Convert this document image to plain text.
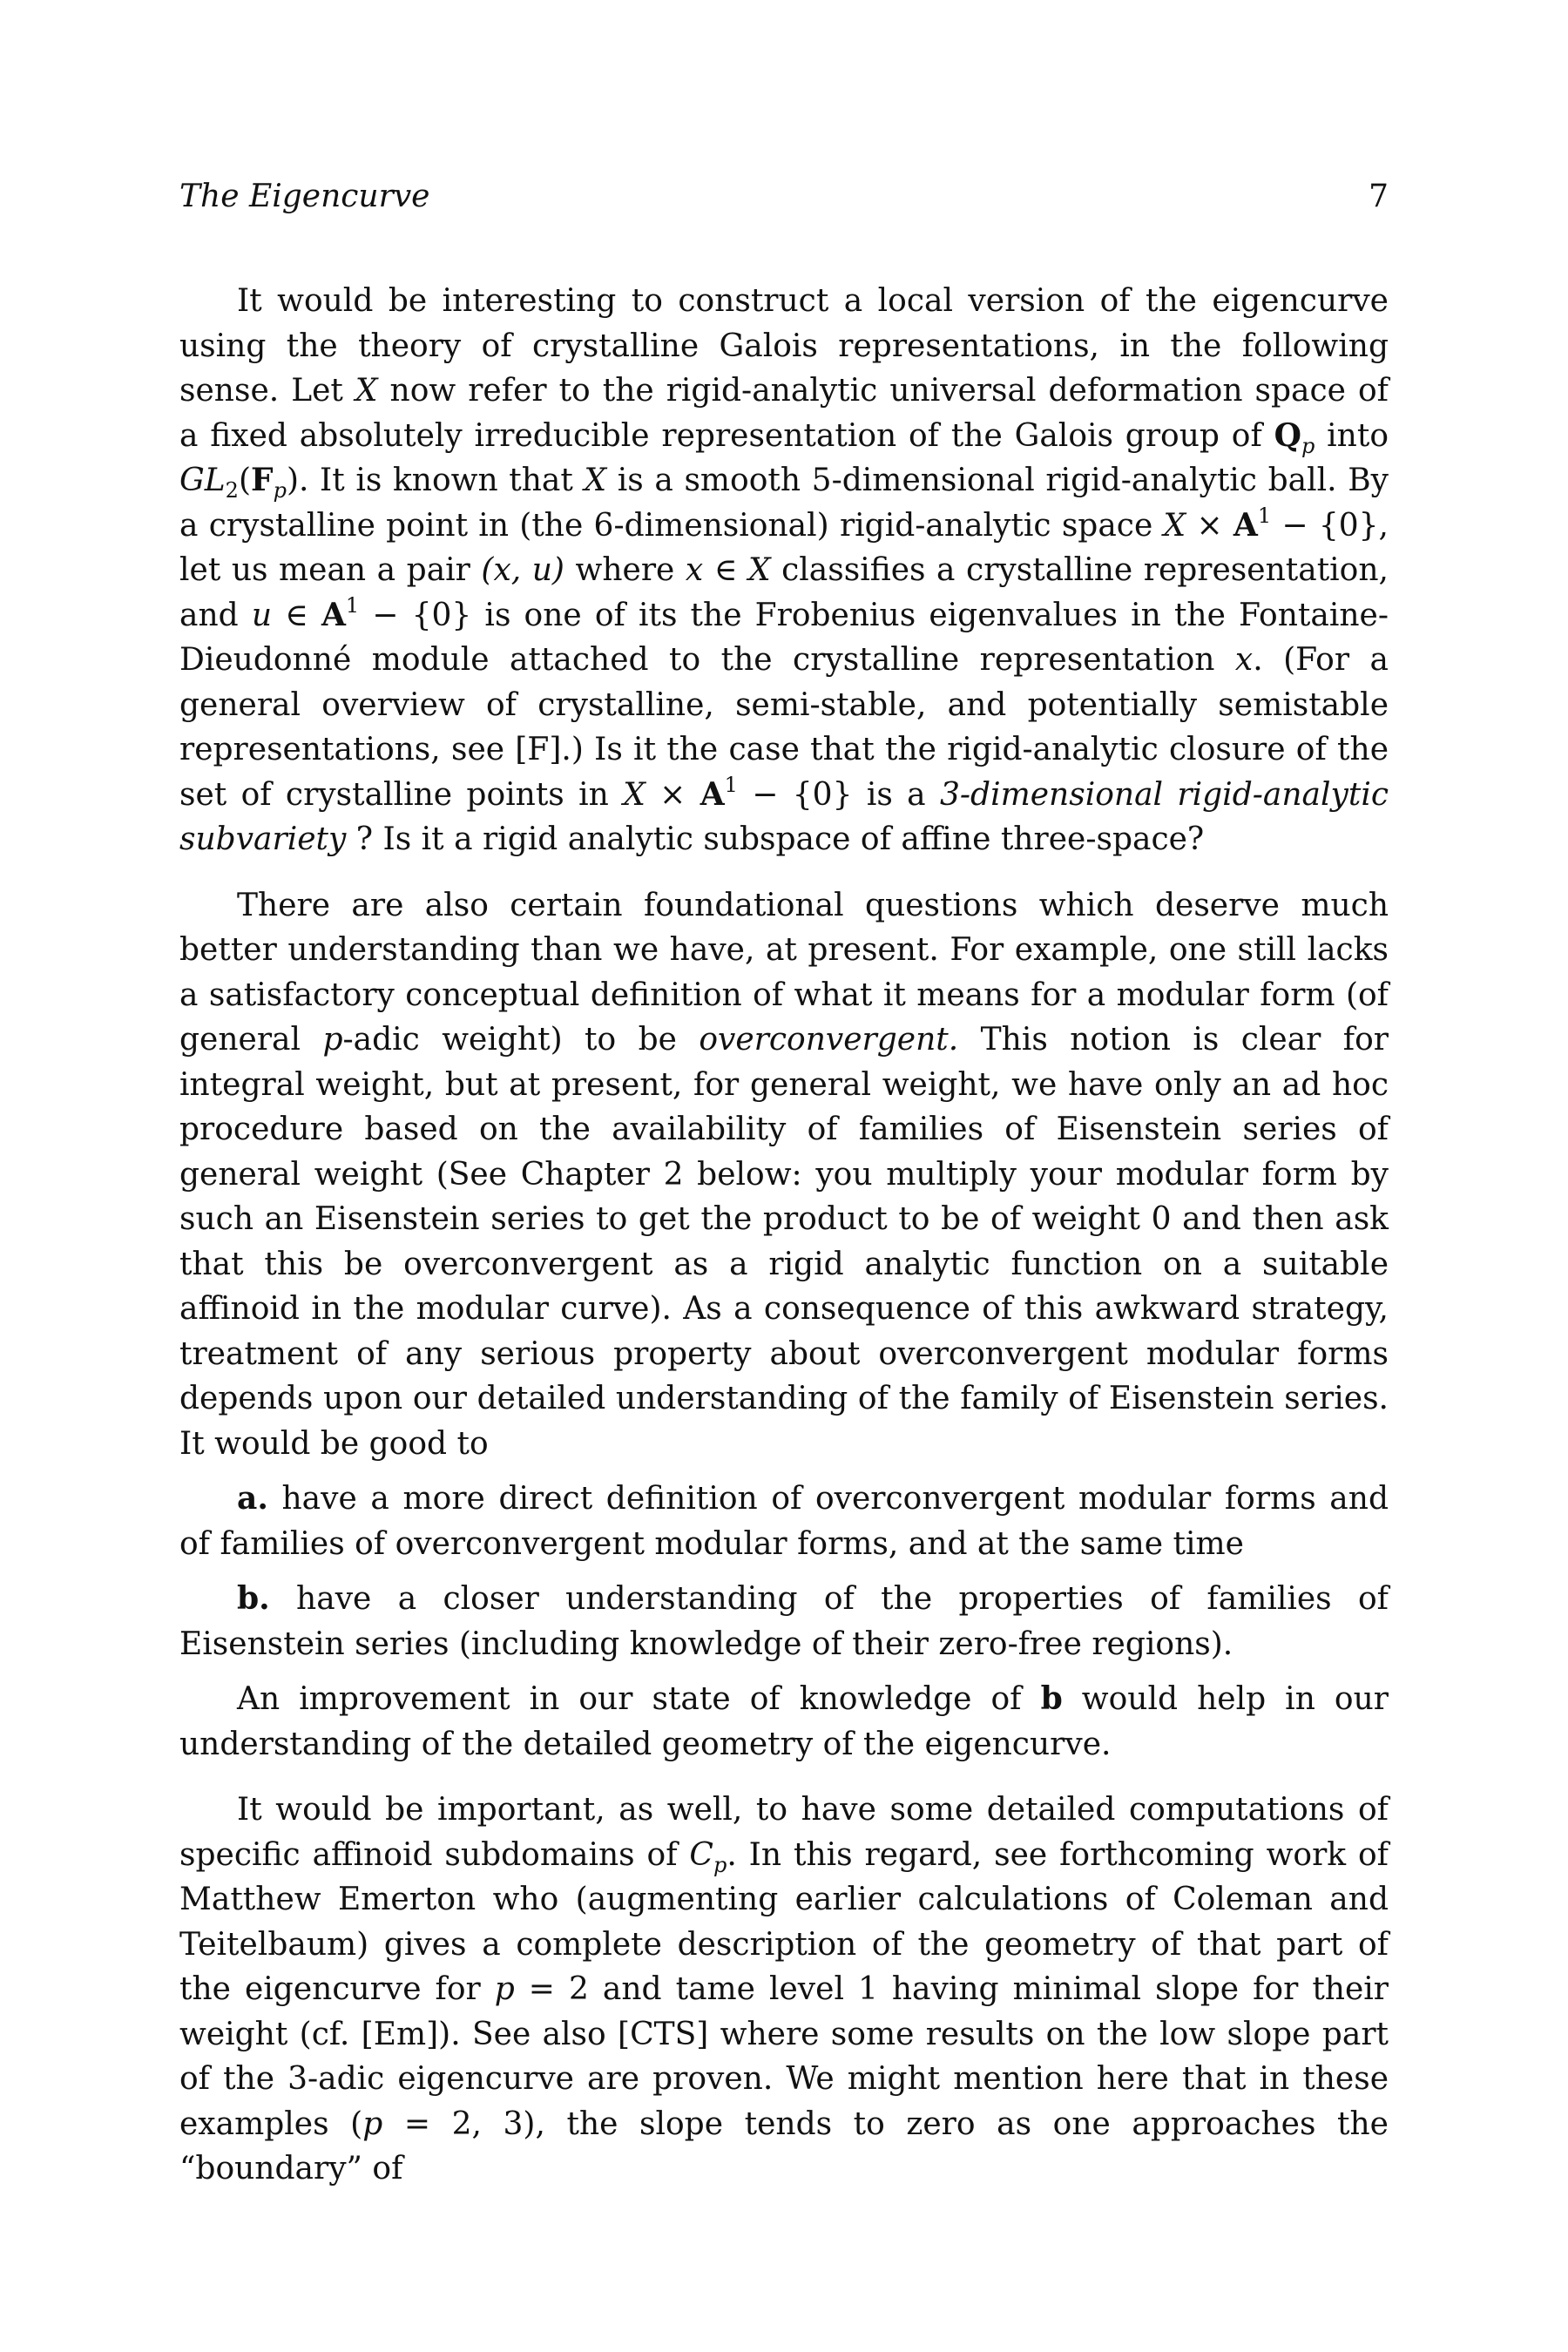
The Eigencurve	7

It would be interesting to construct a local version of the eigencurve using the theory of crystalline Galois representations, in the following sense. Let X now refer to the rigid-analytic universal deformation space of a fixed absolutely irreducible representation of the Galois group of $Q_p$ into $GL_2(F_p)$. It is known that X is a smooth 5-dimensional rigid-analytic ball. By a crystalline point in (the 6-dimensional) rigid-analytic space $X \times A^1 - \{0\}$, let us mean a pair (x, u) where x ∈ X classifies a crystalline representation, and u ∈ $A^1 - \{0\}$ is one of its the Frobenius eigenvalues in the Fontaine-Dieudonné module attached to the crystalline representation x. (For a general overview of crystalline, semi-stable, and potentially semistable representations, see [F].) Is it the case that the rigid-analytic closure of the set of crystalline points in $X \times A^1 - \{0\}$ is a 3-dimensional rigid-analytic subvariety ? Is it a rigid analytic subspace of affine three-space?

There are also certain foundational questions which deserve much better understanding than we have, at present. For example, one still lacks a satisfactory conceptual definition of what it means for a modular form (of general p-adic weight) to be overconvergent. This notion is clear for integral weight, but at present, for general weight, we have only an ad hoc procedure based on the availability of families of Eisenstein series of general weight (See Chapter 2 below: you multiply your modular form by such an Eisenstein series to get the product to be of weight 0 and then ask that this be overconvergent as a rigid analytic function on a suitable affinoid in the modular curve). As a consequence of this awkward strategy, treatment of any serious property about overconvergent modular forms depends upon our detailed understanding of the family of Eisenstein series. It would be good to

a. have a more direct definition of overconvergent modular forms and of families of overconvergent modular forms, and at the same time

b. have a closer understanding of the properties of families of Eisenstein series (including knowledge of their zero-free regions).

An improvement in our state of knowledge of b would help in our understanding of the detailed geometry of the eigencurve.

It would be important, as well, to have some detailed computations of specific affinoid subdomains of $C_p$. In this regard, see forthcoming work of Matthew Emerton who (augmenting earlier calculations of Coleman and Teitelbaum) gives a complete description of the geometry of that part of the eigencurve for p = 2 and tame level 1 having minimal slope for their weight (cf. [Em]). See also [CTS] where some results on the low slope part of the 3-adic eigencurve are proven. We might mention here that in these examples (p = 2, 3), the slope tends to zero as one approaches the “boundary” of
